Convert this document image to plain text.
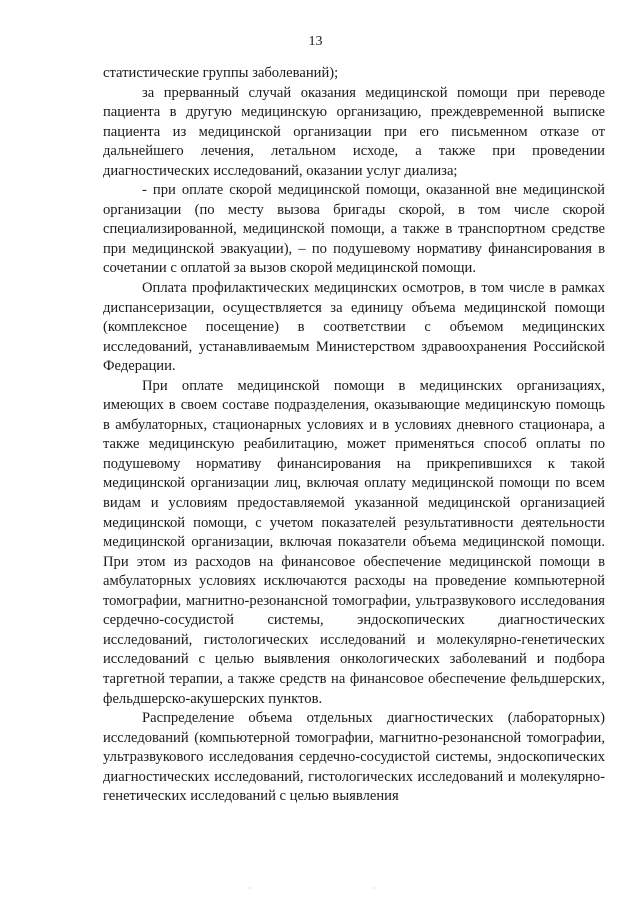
13

статистические группы заболеваний);

за прерванный случай оказания медицинской помощи при переводе пациента в другую медицинскую организацию, преждевременной выписке пациента из медицинской организации при его письменном отказе от дальнейшего лечения, летальном исходе, а также при проведении диагностических исследований, оказании услуг диализа;

- при оплате скорой медицинской помощи, оказанной вне медицинской организации (по месту вызова бригады скорой, в том числе скорой специализированной, медицинской помощи, а также в транспортном средстве при медицинской эвакуации), – по подушевому нормативу финансирования в сочетании с оплатой за вызов скорой медицинской помощи.

Оплата профилактических медицинских осмотров, в том числе в рамках диспансеризации, осуществляется за единицу объема медицинской помощи (комплексное посещение) в соответствии с объемом медицинских исследований, устанавливаемым Министерством здравоохранения Российской Федерации.

При оплате медицинской помощи в медицинских организациях, имеющих в своем составе подразделения, оказывающие медицинскую помощь в амбулаторных, стационарных условиях и в условиях дневного стационара, а также медицинскую реабилитацию, может применяться способ оплаты по подушевому нормативу финансирования на прикрепившихся к такой медицинской организации лиц, включая оплату медицинской помощи по всем видам и условиям предоставляемой указанной медицинской организацией медицинской помощи, с учетом показателей результативности деятельности медицинской организации, включая показатели объема медицинской помощи. При этом из расходов на финансовое обеспечение медицинской помощи в амбулаторных условиях исключаются расходы на проведение компьютерной томографии, магнитно-резонансной томографии, ультразвукового исследования сердечно-сосудистой системы, эндоскопических диагностических исследований, гистологических исследований и молекулярно-генетических исследований с целью выявления онкологических заболеваний и подбора таргетной терапии, а также средств на финансовое обеспечение фельдшерских, фельдшерско-акушерских пунктов.

Распределение объема отдельных диагностических (лабораторных) исследований (компьютерной томографии, магнитно-резонансной томографии, ультразвукового исследования сердечно-сосудистой системы, эндоскопических диагностических исследований, гистологических исследований и молекулярно-генетических исследований с целью выявления

· ·
